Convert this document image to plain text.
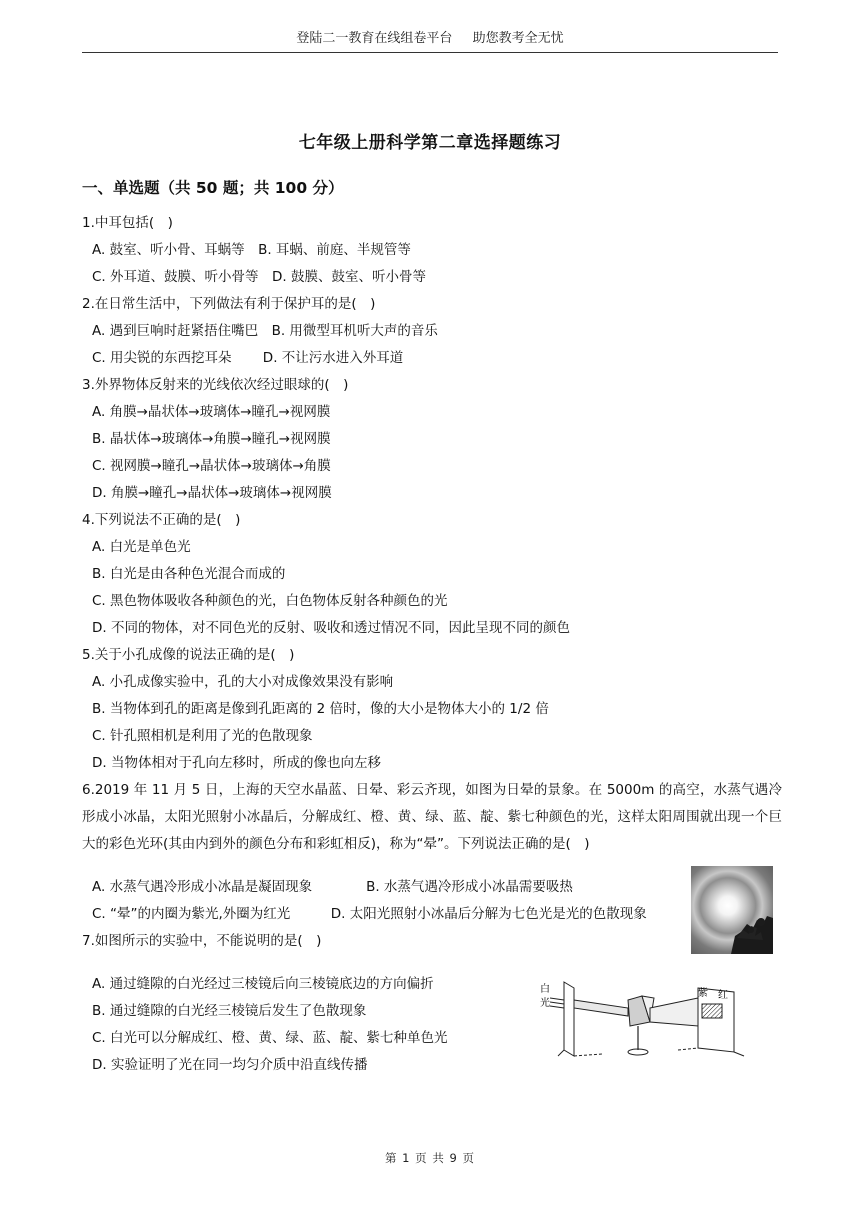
登陆二一教育在线组卷平台 助您教考全无忧
七年级上册科学第二章选择题练习
一、单选题（共 50 题；共 100 分）

1.中耳包括(　)

A. 鼓室、听小骨、耳蜗等　B. 耳蜗、前庭、半规管等

C. 外耳道、鼓膜、听小骨等　D. 鼓膜、鼓室、听小骨等

2.在日常生活中，下列做法有利于保护耳的是(　)

A. 遇到巨响时赶紧捂住嘴巴　B. 用微型耳机听大声的音乐

C. 用尖锐的东西挖耳朵　　 D. 不让污水进入外耳道

3.外界物体反射来的光线依次经过眼球的(　)

A. 角膜→晶状体→玻璃体→瞳孔→视网膜

B. 晶状体→玻璃体→角膜→瞳孔→视网膜

C. 视网膜→瞳孔→晶状体→玻璃体→角膜

D. 角膜→瞳孔→晶状体→玻璃体→视网膜

4.下列说法不正确的是(　)

A. 白光是单色光

B. 白光是由各种色光混合而成的

C. 黑色物体吸收各种颜色的光，白色物体反射各种颜色的光

D. 不同的物体，对不同色光的反射、吸收和透过情况不同，因此呈现不同的颜色

5.关于小孔成像的说法正确的是(　)

A. 小孔成像实验中，孔的大小对成像效果没有影响

B. 当物体到孔的距离是像到孔距离的 2 倍时，像的大小是物体大小的 1/2 倍

C. 针孔照相机是利用了光的色散现象

D. 当物体相对于孔向左移时，所成的像也向左移

6.2019 年 11 月 5 日，上海的天空水晶蓝、日晕、彩云齐现，如图为日晕的景象。在 5000m 的高空，水蒸气遇冷形成小冰晶，太阳光照射小冰晶后，分解成红、橙、黄、绿、蓝、靛、紫七种颜色的光，这样太阳周围就出现一个巨大的彩色光环(其由内到外的颜色分布和彩虹相反)，称为“晕”。下列说法正确的是(　)

A. 水蒸气遇冷形成小冰晶是凝固现象　　　　B. 水蒸气遇冷形成小冰晶需要吸热

C. “晕”的内圈为紫光,外圈为红光　　　D. 太阳光照射小冰晶后分解为七色光是光的色散现象

7.如图所示的实验中，不能说明的是(　)

A. 通过缝隙的白光经过三棱镜后向三棱镜底边的方向偏折

B. 通过缝隙的白光经三棱镜后发生了色散现象

C. 白光可以分解成红、橙、黄、绿、蓝、靛、紫七种单色光

D. 实验证明了光在同一均匀介质中沿直线传播

白
光
紫 红
第 1 页 共 9 页
